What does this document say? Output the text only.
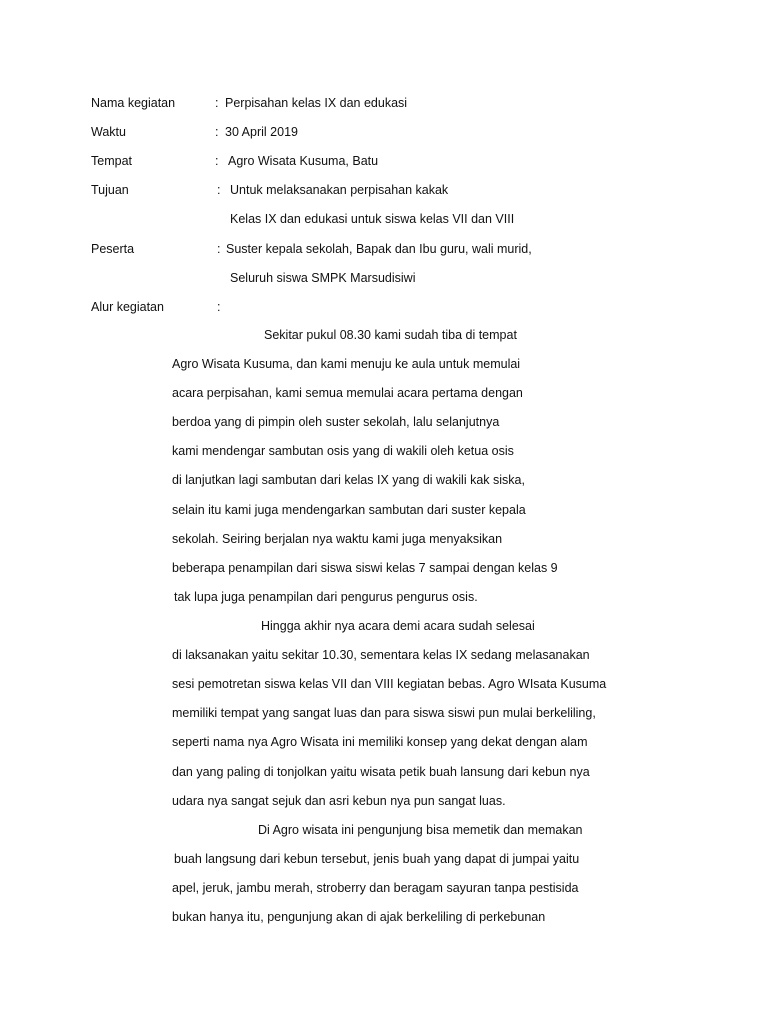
Nama kegiatan	: Perpisahan kelas IX dan edukasi
Waktu	: 30 April 2019
Tempat	: Agro Wisata Kusuma, Batu
Tujuan	: Untuk melaksanakan perpisahan kakak
Kelas IX dan edukasi untuk siswa kelas VII dan VIII
Peserta	: Suster kepala sekolah, Bapak dan Ibu guru, wali murid,
Seluruh siswa SMPK Marsudisiwi
Alur kegiatan	:
Sekitar pukul 08.30 kami sudah tiba di tempat
Agro Wisata Kusuma, dan kami menuju ke aula untuk memulai
acara perpisahan, kami semua memulai acara pertama dengan
berdoa yang di pimpin oleh suster sekolah, lalu selanjutnya
kami mendengar sambutan osis yang di wakili oleh ketua osis
di lanjutkan lagi sambutan dari kelas IX yang di wakili kak siska,
selain itu kami juga mendengarkan sambutan dari suster kepala
sekolah. Seiring berjalan nya waktu kami juga menyaksikan
beberapa penampilan dari siswa siswi kelas 7 sampai dengan kelas 9
tak lupa juga penampilan dari pengurus pengurus osis.
Hingga akhir nya acara demi acara sudah selesai
di laksanakan yaitu sekitar 10.30, sementara kelas IX sedang melasanakan
sesi pemotretan siswa kelas VII dan VIII kegiatan bebas. Agro WIsata Kusuma
memiliki tempat yang sangat luas dan para siswa siswi pun mulai berkeliling,
seperti nama nya Agro Wisata ini memiliki konsep yang dekat dengan alam
dan yang paling di tonjolkan yaitu wisata petik buah lansung dari kebun nya
udara nya sangat sejuk dan asri kebun nya pun sangat luas.
Di Agro wisata ini pengunjung bisa memetik dan memakan
buah langsung dari kebun tersebut, jenis buah yang dapat di jumpai yaitu
apel, jeruk, jambu merah, stroberry dan beragam sayuran tanpa pestisida
bukan hanya itu, pengunjung akan di ajak berkeliling di perkebunan
